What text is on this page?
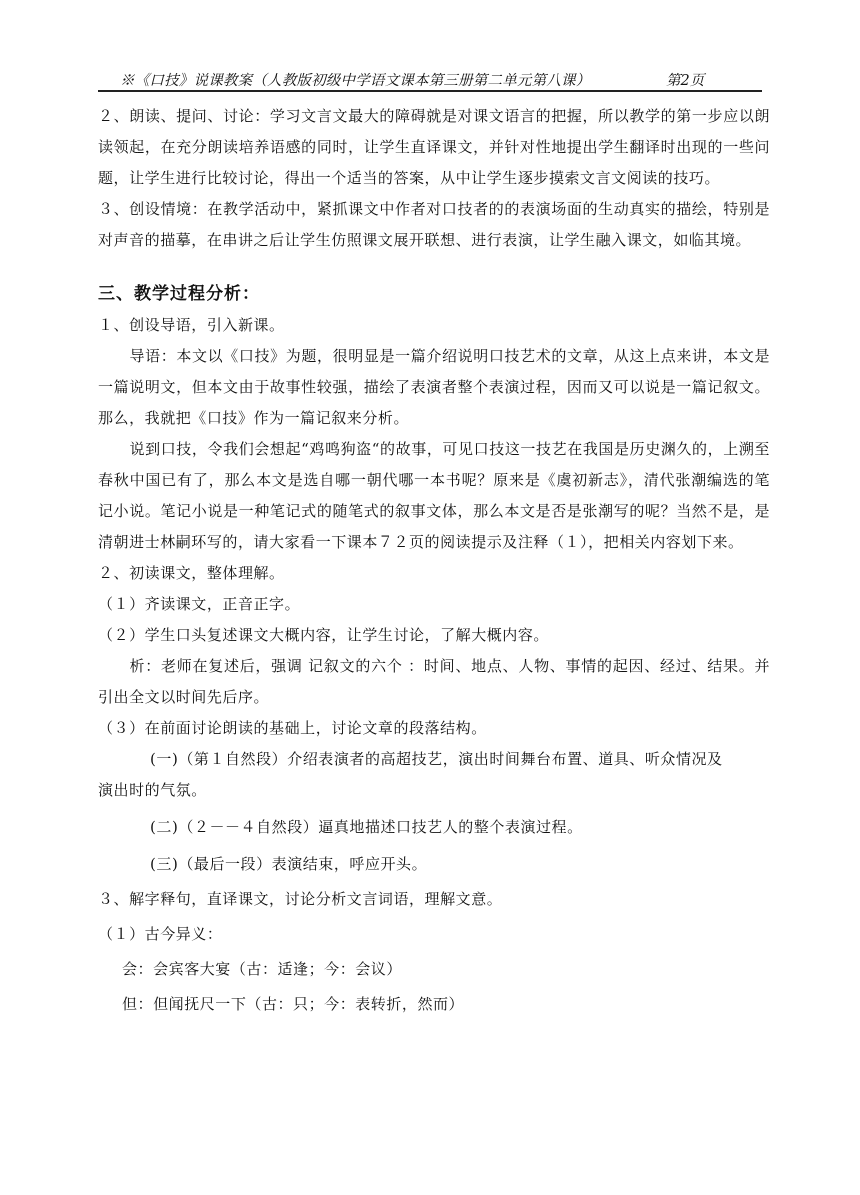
※《口技》说课教案（人教版初级中学语文课本第三册第二单元第八课）	第2页

２、朗读、提问、讨论：学习文言文最大的障碍就是对课文语言的把握，所以教学的第一步应以朗读领起，在充分朗读培养语感的同时，让学生直译课文，并针对性地提出学生翻译时出现的一些问题，让学生进行比较讨论，得出一个适当的答案，从中让学生逐步摸索文言文阅读的技巧。

３、创设情境：在教学活动中，紧抓课文中作者对口技者的的表演场面的生动真实的描绘，特别是对声音的描摹，在串讲之后让学生仿照课文展开联想、进行表演，让学生融入课文，如临其境。

三、教学过程分析：

１、创设导语，引入新课。

导语：本文以《口技》为题，很明显是一篇介绍说明口技艺术的文章，从这上点来讲，本文是一篇说明文，但本文由于故事性较强，描绘了表演者整个表演过程，因而又可以说是一篇记叙文。那么，我就把《口技》作为一篇记叙来分析。

说到口技，令我们会想起“鸡鸣狗盗“的故事，可见口技这一技艺在我国是历史渊久的，上溯至春秋中国已有了，那么本文是选自哪一朝代哪一本书呢？原来是《虞初新志》，清代张潮编选的笔记小说。笔记小说是一种笔记式的随笔式的叙事文体，那么本文是否是张潮写的呢？当然不是，是清朝进士林嗣环写的，请大家看一下课本７２页的阅读提示及注释（１），把相关内容划下来。

２、初读课文，整体理解。

（１）齐读课文，正音正字。

（２）学生口头复述课文大概内容，让学生讨论，了解大概内容。

析：老师在复述后，强调 记叙文的六个 ：时间、地点、人物、事情的起因、经过、结果。并引出全文以时间先后序。

（３）在前面讨论朗读的基础上，讨论文章的段落结构。

(一)（第１自然段）介绍表演者的高超技艺，演出时间舞台布置、道具、听众情况及

演出时的气氛。

(二)（２－－４自然段）逼真地描述口技艺人的整个表演过程。

(三)（最后一段）表演结束，呼应开头。

３、解字释句，直译课文，讨论分析文言词语，理解文意。

（１）古今异义：

会：会宾客大宴（古：适逢；今：会议）

但：但闻抚尺一下（古：只；今：表转折，然而）
